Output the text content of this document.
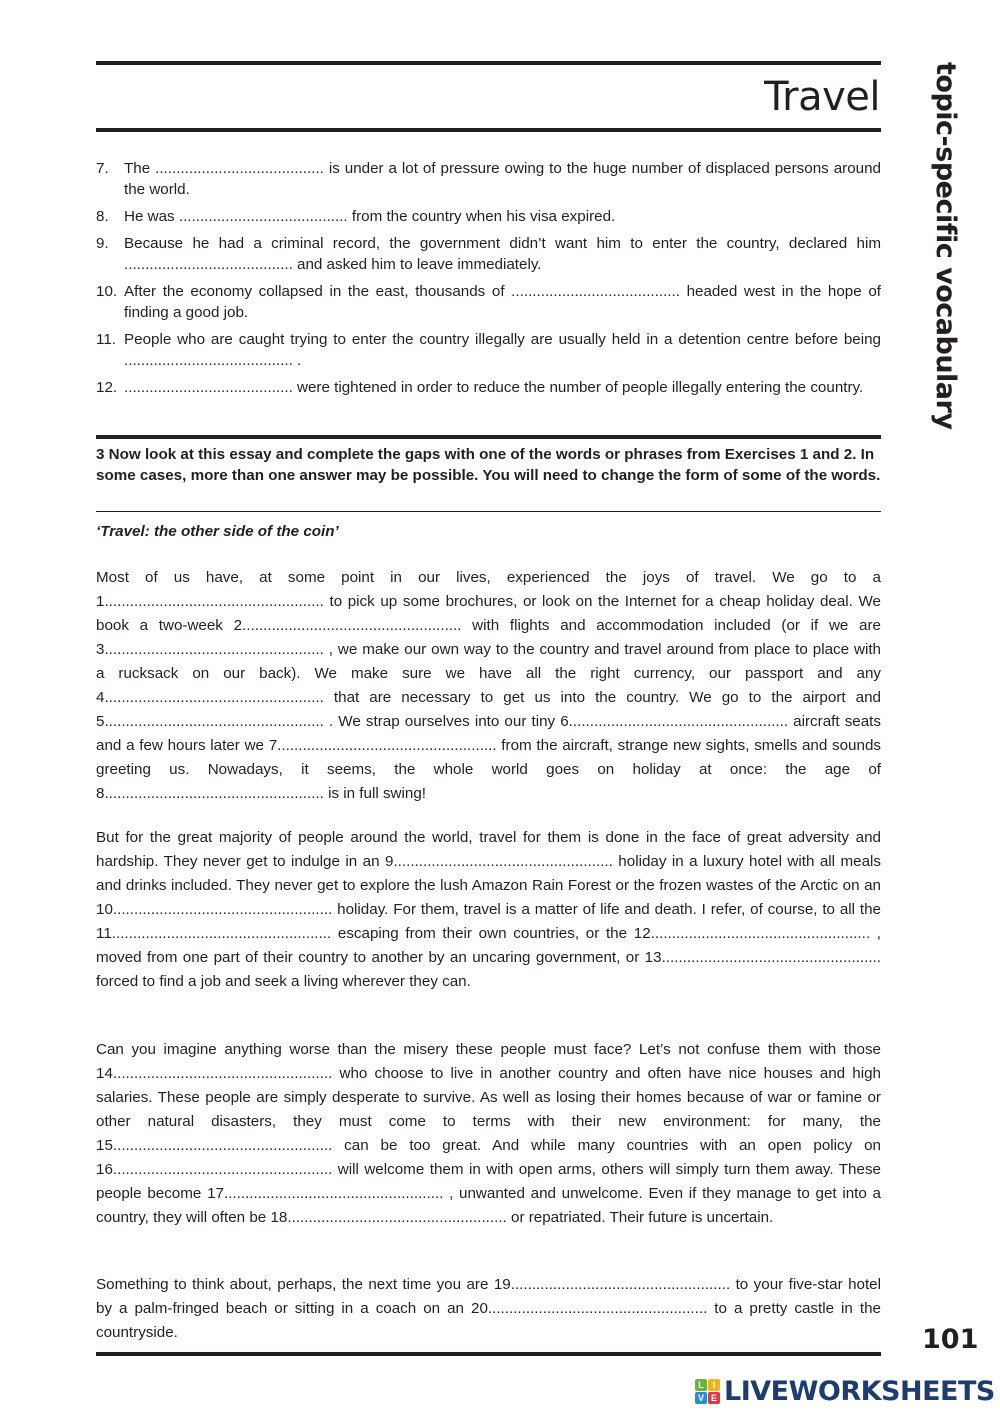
Travel topic-specific vocabulary
7.	The ........................................ is under a lot of pressure owing to the huge number of displaced persons around the world.
8.	He was ........................................ from the country when his visa expired.
9.	Because he had a criminal record, the government didn’t want him to enter the country, declared him ........................................ and asked him to leave immediately.
10. After the economy collapsed in the east, thousands of ........................................ headed west in the hope of finding a good job.
11. People who are caught trying to enter the country illegally are usually held in a detention centre before being ........................................ .
12. ........................................ were tightened in order to reduce the number of people illegally entering the country.
3 Now look at this essay and complete the gaps with one of the words or phrases from Exercises 1 and 2. In some cases, more than one answer may be possible. You will need to change the form of some of the words.
‘Travel: the other side of the coin’
Most of us have, at some point in our lives, experienced the joys of travel. We go to a 1.................................................... to pick up some brochures, or look on the Internet for a cheap holiday deal. We book a two-week 2.................................................... with flights and accommodation included (or if we are 3.................................................... , we make our own way to the country and travel around from place to place with a rucksack on our back). We make sure we have all the right currency, our passport and any 4.................................................... that are necessary to get us into the country. We go to the airport and 5.................................................... . We strap ourselves into our tiny 6.................................................... aircraft seats and a few hours later we 7.................................................... from the aircraft, strange new sights, smells and sounds greeting us. Nowadays, it seems, the whole world goes on holiday at once: the age of 8.................................................... is in full swing!
But for the great majority of people around the world, travel for them is done in the face of great adversity and hardship. They never get to indulge in an 9.................................................... holiday in a luxury hotel with all meals and drinks included. They never get to explore the lush Amazon Rain Forest or the frozen wastes of the Arctic on an 10.................................................... holiday. For them, travel is a matter of life and death. I refer, of course, to all the 11.................................................... escaping from their own countries, or the 12.................................................... , moved from one part of their country to another by an uncaring government, or 13.................................................... forced to find a job and seek a living wherever they can.
Can you imagine anything worse than the misery these people must face? Let’s not confuse them with those 14.................................................... who choose to live in another country and often have nice houses and high salaries. These people are simply desperate to survive. As well as losing their homes because of war or famine or other natural disasters, they must come to terms with their new environment: for many, the 15.................................................... can be too great. And while many countries with an open policy on 16.................................................... will welcome them in with open arms, others will simply turn them away. These people become 17.................................................... , unwanted and unwelcome. Even if they manage to get into a country, they will often be 18.................................................... or repatriated. Their future is uncertain.
Something to think about, perhaps, the next time you are 19.................................................... to your five-star hotel by a palm-fringed beach or sitting in a coach on an 20.................................................... to a pretty castle in the countryside.	101
L I
V E LIVEWORKSHEETS
